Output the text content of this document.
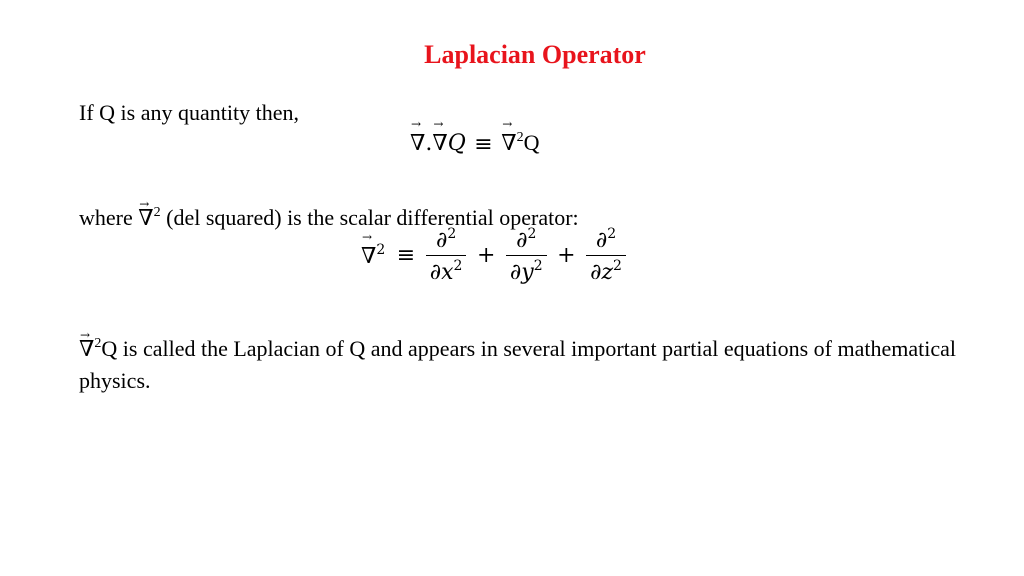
Laplacian Operator
If Q is any quantity then,
∇ →.∇ →Q ≡ ∇ →$^2$Q
where ∇ →$^2$ (del squared) is the scalar differential operator:
∇ $\to^2 \equiv \frac{\partial^2}{\partial x^2} + \frac{\partial^2}{\partial y^2} + \frac{\partial^2}{\partial z^2}$
∇ →$^2$Q is called the Laplacian of Q and appears in several important partial equations of mathematical physics.
